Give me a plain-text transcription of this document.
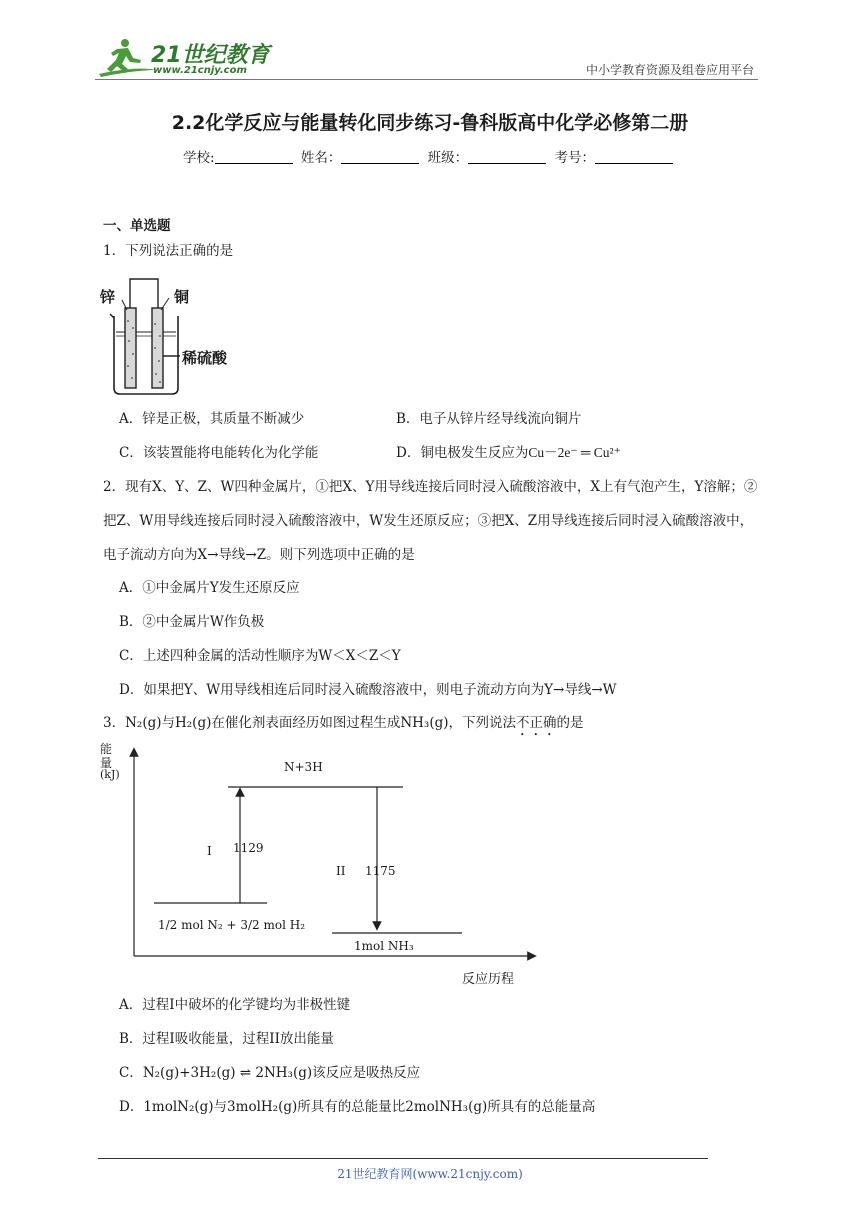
21世纪教育
www.21cnjy.com	中小学教育资源及组卷应用平台
2.2化学反应与能量转化同步练习-鲁科版高中化学必修第二册
学校:	姓名：	班级：	考号：
一、单选题
1．下列说法正确的是
锌	铜
稀硫酸
A．锌是正极，其质量不断减少	B．电子从锌片经导线流向铜片
C．该装置能将电能转化为化学能	D．铜电极发生反应为Cu－2e⁻ ═ Cu²⁺
2．现有X、Y、Z、W四种金属片，①把X、Y用导线连接后同时浸入硫酸溶液中，X上有气泡产生，Y溶解；②把Z、W用导线连接后同时浸入硫酸溶液中，W发生还原反应；③把X、Z用导线连接后同时浸入硫酸溶液中，电子流动方向为X→导线→Z。则下列选项中正确的是
A．①中金属片Y发生还原反应
B．②中金属片W作负极
C．上述四种金属的活动性顺序为W＜X＜Z＜Y
D．如果把Y、W用导线相连后同时浸入硫酸溶液中，则电子流动方向为Y→导线→W
3．N₂(g)与H₂(g)在催化剂表面经历如图过程生成NH₃(g)，下列说法不正确的是
能
量
(kJ)
N+3H
I 1129
II 1175
1/2 mol N₂ + 3/2 mol H₂
1mol NH₃
反应历程
A．过程I中破坏的化学键均为非极性键
B．过程I吸收能量，过程II放出能量
C．N₂(g)+3H₂(g) ⇌ 2NH₃(g)该反应是吸热反应
D．1molN₂(g)与3molH₂(g)所具有的总能量比2molNH₃(g)所具有的总能量高
21世纪教育网(www.21cnjy.com)
